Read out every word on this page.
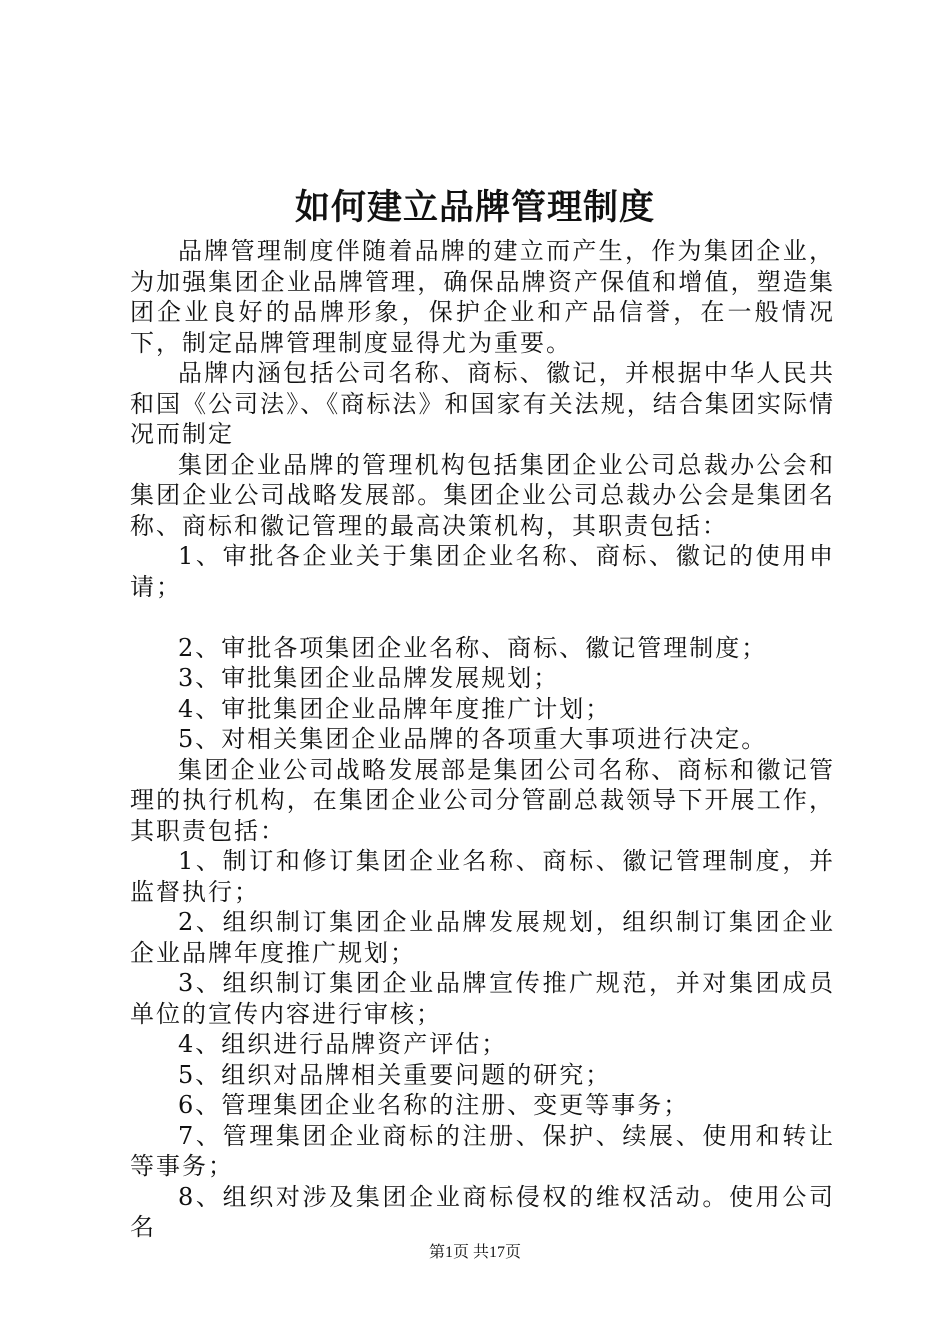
如何建立品牌管理制度

品牌管理制度伴随着品牌的建立而产生，作为集团企业，为加强集团企业品牌管理，确保品牌资产保值和增值，塑造集团企业良好的品牌形象，保护企业和产品信誉，在一般情况下，制定品牌管理制度显得尤为重要。

品牌内涵包括公司名称、商标、徽记，并根据中华人民共和国《公司法》、《商标法》和国家有关法规，结合集团实际情况而制定

集团企业品牌的管理机构包括集团企业公司总裁办公会和集团企业公司战略发展部。集团企业公司总裁办公会是集团名称、商标和徽记管理的最高决策机构，其职责包括：

1、审批各企业关于集团企业名称、商标、徽记的使用申请；

2、审批各项集团企业名称、商标、徽记管理制度；

3、审批集团企业品牌发展规划；

4、审批集团企业品牌年度推广计划；

5、对相关集团企业品牌的各项重大事项进行决定。

集团企业公司战略发展部是集团公司名称、商标和徽记管理的执行机构，在集团企业公司分管副总裁领导下开展工作，其职责包括：

1、制订和修订集团企业名称、商标、徽记管理制度，并监督执行；

2、组织制订集团企业品牌发展规划，组织制订集团企业企业品牌年度推广规划；

3、组织制订集团企业品牌宣传推广规范，并对集团成员单位的宣传内容进行审核；

4、组织进行品牌资产评估；

5、组织对品牌相关重要问题的研究；

6、管理集团企业名称的注册、变更等事务；

7、管理集团企业商标的注册、保护、续展、使用和转让等事务；

8、组织对涉及集团企业商标侵权的维权活动。使用公司名

第1页 共17页
